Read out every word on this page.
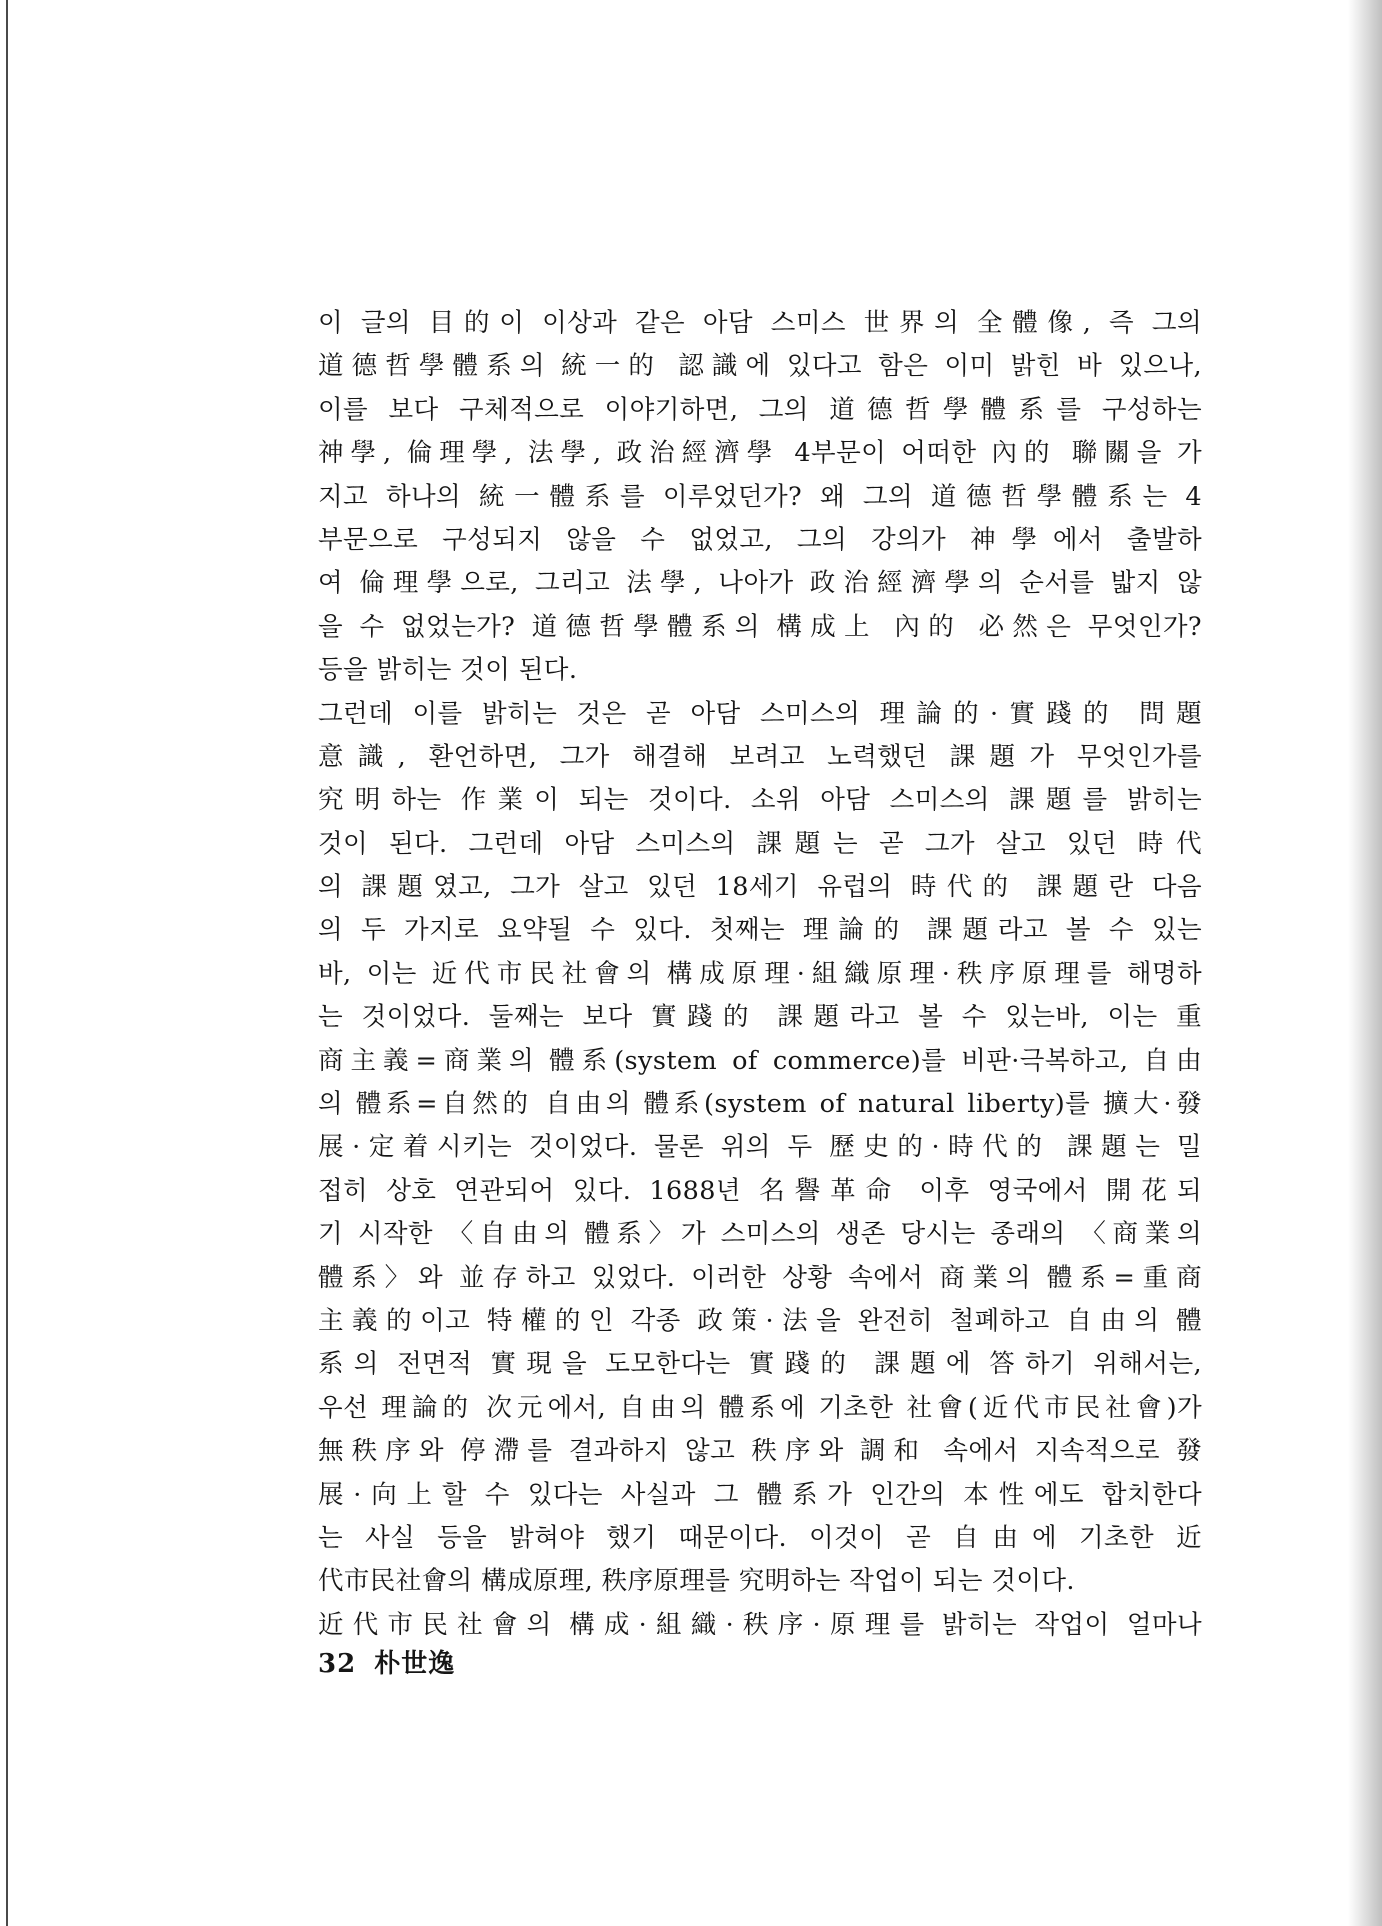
이 글의 目的이 이상과 같은 아담 스미스 世界의 全體像, 즉 그의
道德哲學體系의 統一的 認識에 있다고 함은 이미 밝힌 바 있으나,
이를 보다 구체적으로 이야기하면, 그의 道德哲學體系를 구성하는
神學, 倫理學, 法學, 政治經濟學 4부문이 어떠한 內的 聯關을 가
지고 하나의 統一體系를 이루었던가? 왜 그의 道德哲學體系는 4
부문으로 구성되지 않을 수 없었고, 그의 강의가 神學에서 출발하
여 倫理學으로, 그리고 法學, 나아가 政治經濟學의 순서를 밟지 않
을 수 없었는가? 道德哲學體系의 構成上 內的 必然은 무엇인가?
등을 밝히는 것이 된다.
그런데 이를 밝히는 것은 곧 아담 스미스의 理論的·實踐的 問題
意識, 환언하면, 그가 해결해 보려고 노력했던 課題가 무엇인가를
究明하는 作業이 되는 것이다. 소위 아담 스미스의 課題를 밝히는
것이 된다. 그런데 아담 스미스의 課題는 곧 그가 살고 있던 時代
의 課題였고, 그가 살고 있던 18세기 유럽의 時代的 課題란 다음
의 두 가지로 요약될 수 있다. 첫째는 理論的 課題라고 볼 수 있는
바, 이는 近代市民社會의 構成原理·組織原理·秩序原理를 해명하
는 것이었다. 둘째는 보다 實踐的 課題라고 볼 수 있는바, 이는 重
商主義=商業의 體系(system of commerce)를 비판·극복하고, 自由
의 體系=自然的 自由의 體系(system of natural liberty)를 擴大·發
展·定着시키는 것이었다. 물론 위의 두 歷史的·時代的 課題는 밀
접히 상호 연관되어 있다. 1688년 名譽革命 이후 영국에서 開花되
기 시작한 〈自由의 體系〉가 스미스의 생존 당시는 종래의 〈商業의
體系〉와 並存하고 있었다. 이러한 상황 속에서 商業의 體系=重商
主義的이고 特權的인 각종 政策·法을 완전히 철폐하고 自由의 體
系의 전면적 實現을 도모한다는 實踐的 課題에 答하기 위해서는,
우선 理論的 次元에서, 自由의 體系에 기초한 社會(近代市民社會)가
無秩序와 停滯를 결과하지 않고 秩序와 調和 속에서 지속적으로 發
展·向上할 수 있다는 사실과 그 體系가 인간의 本性에도 합치한다
는 사실 등을 밝혀야 했기 때문이다. 이것이 곧 自由에 기초한 近
代市民社會의 構成原理, 秩序原理를 究明하는 작업이 되는 것이다.
近代市民社會의 構成·組織·秩序·原理를 밝히는 작업이 얼마나
32 朴世逸
